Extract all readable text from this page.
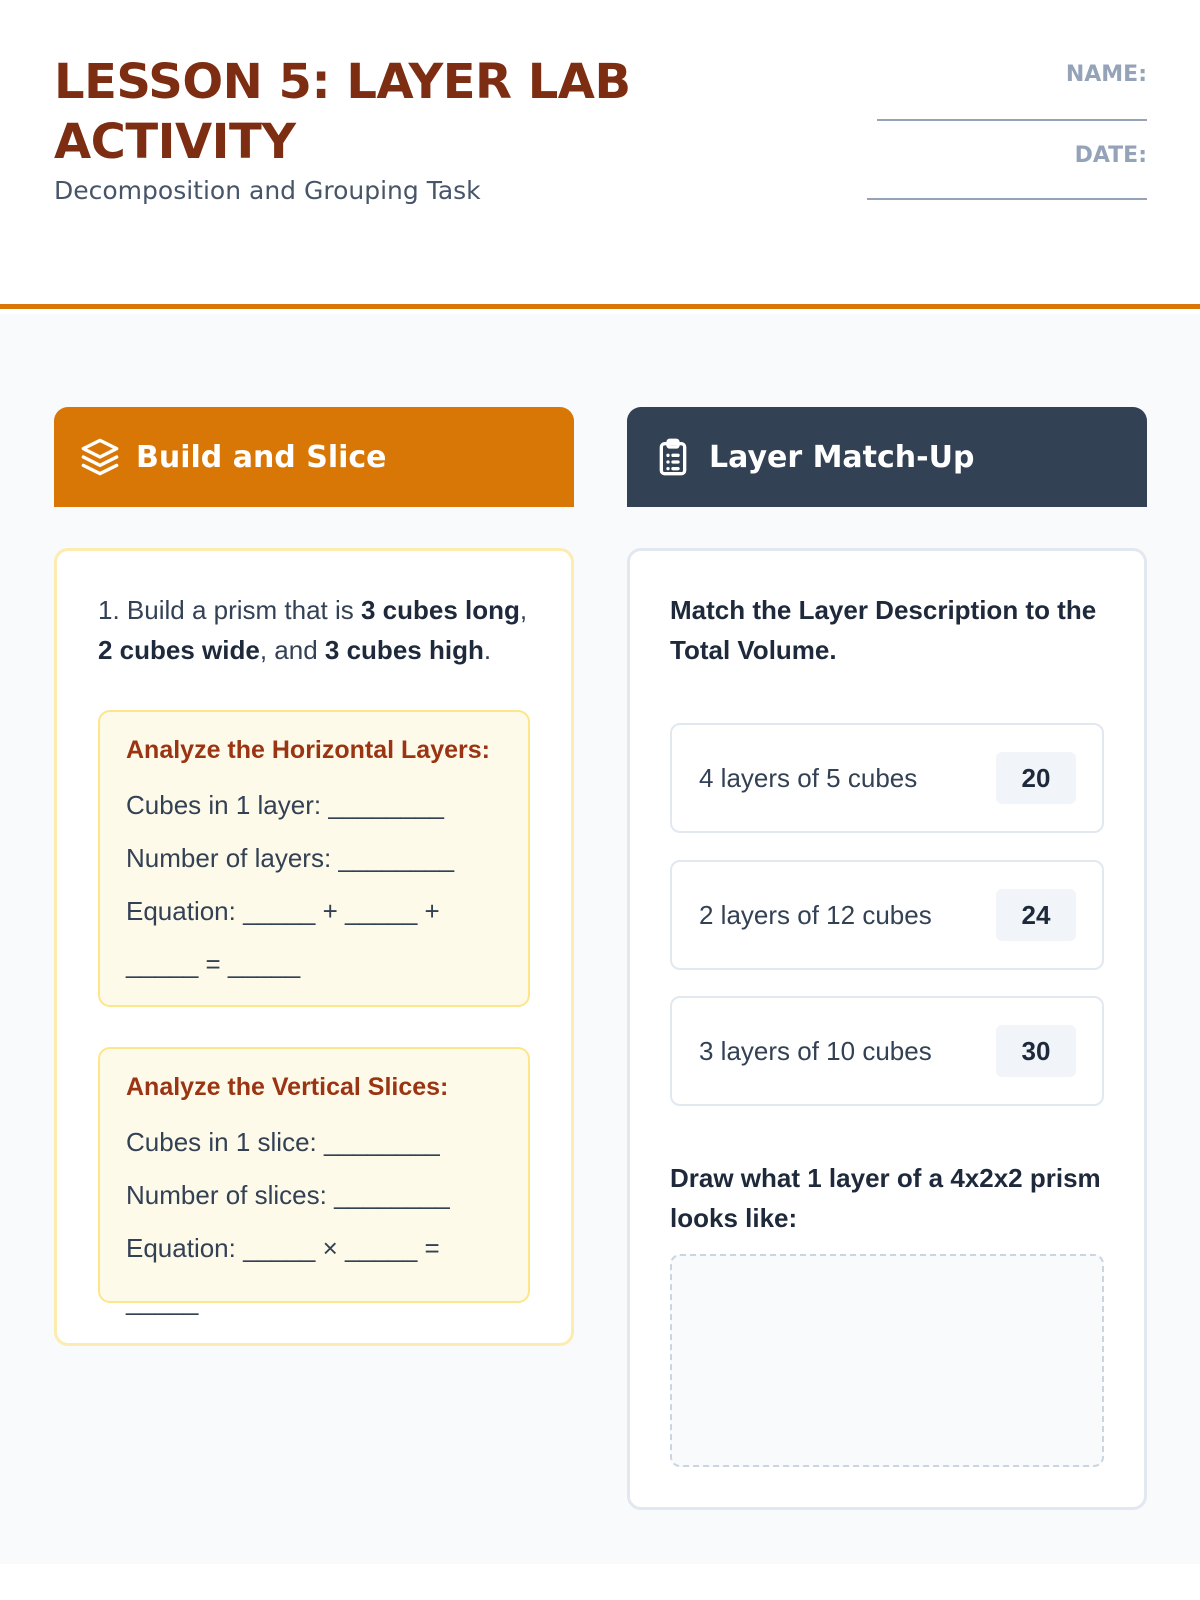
LESSON 5: LAYER LAB ACTIVITY
Decomposition and Grouping Task
NAME:
DATE:
Build and Slice
1. Build a prism that is 3 cubes long,
2 cubes wide, and 3 cubes high.
Analyze the Horizontal Layers:
Cubes in 1 layer: ________
Number of layers: ________
Equation: _____ + _____ + _____ = _____
Analyze the Vertical Slices:
Cubes in 1 slice: ________
Number of slices: ________
Equation: _____ × _____ = _____
Layer Match-Up
Match the Layer Description to the Total Volume.
4 layers of 5 cubes	20
2 layers of 12 cubes	24
3 layers of 10 cubes	30
Draw what 1 layer of a 4x2x2 prism looks like:
